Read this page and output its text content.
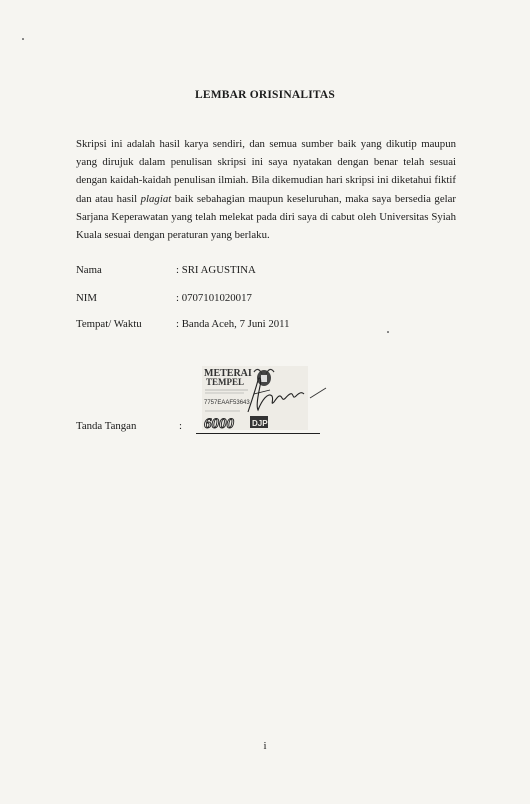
LEMBAR ORISINALITAS
Skripsi ini adalah hasil karya sendiri, dan semua sumber baik yang dikutip maupun yang dirujuk dalam penulisan skripsi ini saya nyatakan dengan benar telah sesuai dengan kaidah-kaidah penulisan ilmiah. Bila dikemudian hari skripsi ini diketahui fiktif dan atau hasil plagiat baik sebahagian maupun keseluruhan, maka saya bersedia gelar Sarjana Keperawatan yang telah melekat pada diri saya di cabut oleh Universitas Syiah Kuala sesuai dengan peraturan yang berlaku.
Nama	: SRI AGUSTINA
NIM	: 0707101020017
Tempat/ Waktu	: Banda Aceh, 7 Juni 2011
METERAI
TEMPEL
7757EAAF53643
6000 DJP
Tanda Tangan	:
i
